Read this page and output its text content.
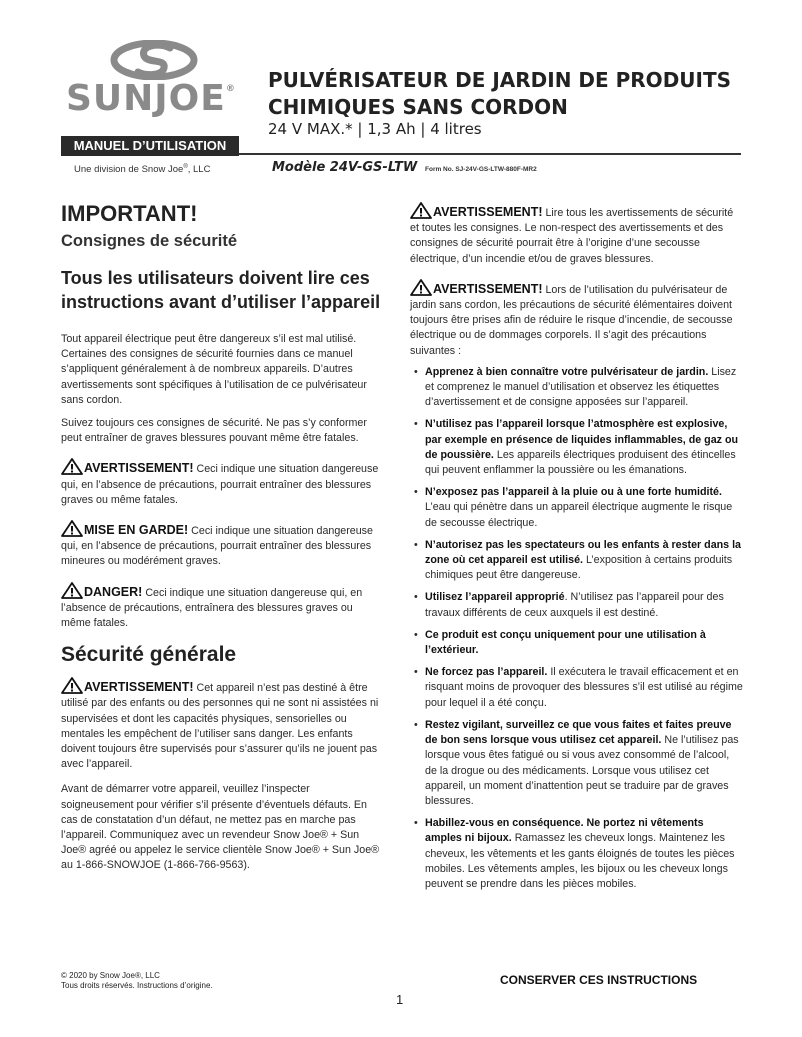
SUNJOE®
MANUEL D’UTILISATION
Une division de Snow Joe®, LLC
PULVÉRISATEUR DE JARDIN DE PRODUITS
CHIMIQUES SANS CORDON
24 V MAX.* | 1,3 Ah | 4 litres
Modèle 24V-GS-LTW Form No. SJ-24V-GS-LTW-880F-MR2
IMPORTANT!
Consignes de sécurité
Tous les utilisateurs doivent lire ces instructions avant d’utiliser l’appareil

Tout appareil électrique peut être dangereux s’il est mal utilisé. Certaines des consignes de sécurité fournies dans ce manuel s’appliquent généralement à de nombreux appareils. D’autres avertissements sont spécifiques à l’utilisation de ce pulvérisateur sans cordon.

Suivez toujours ces consignes de sécurité. Ne pas s’y conformer peut entraîner de graves blessures pouvant même être fatales.

AVERTISSEMENT! Ceci indique une situation dangereuse qui, en l’absence de précautions, pourrait entraîner des blessures graves ou même fatales.

MISE EN GARDE! Ceci indique une situation dangereuse qui, en l’absence de précautions, pourrait entraîner des blessures mineures ou modérément graves.

DANGER! Ceci indique une situation dangereuse qui, en l’absence de précautions, entraînera des blessures graves ou même fatales.

Sécurité générale

AVERTISSEMENT! Cet appareil n’est pas destiné à être utilisé par des enfants ou des personnes qui ne sont ni assistées ni supervisées et dont les capacités physiques, sensorielles ou mentales les empêchent de l’utiliser sans danger. Les enfants doivent toujours être supervisés pour s’assurer qu’ils ne jouent pas avec l’appareil.

Avant de démarrer votre appareil, veuillez l’inspecter soigneusement pour vérifier s’il présente d’éventuels défauts. En cas de constatation d’un défaut, ne mettez pas en marche pas l’appareil. Communiquez avec un revendeur Snow Joe® + Sun Joe® agréé ou appelez le service clientèle Snow Joe® + Sun Joe® au 1-866-SNOWJOE (1-866-766-9563).

AVERTISSEMENT! Lire tous les avertissements de sécurité et toutes les consignes. Le non-respect des avertissements et des consignes de sécurité pourrait être à l’origine d’une secousse électrique, d’un incendie et/ou de graves blessures.

AVERTISSEMENT! Lors de l’utilisation du pulvérisateur de jardin sans cordon, les précautions de sécurité élémentaires doivent toujours être prises afin de réduire le risque d’incendie, de secousse électrique ou de dommages corporels. Il s’agit des précautions suivantes :

• Apprenez à bien connaître votre pulvérisateur de jardin. Lisez et comprenez le manuel d’utilisation et observez les étiquettes d’avertissement et de consigne apposées sur l’appareil.
• N’utilisez pas l’appareil lorsque l’atmosphère est explosive, par exemple en présence de liquides inflammables, de gaz ou de poussière. Les appareils électriques produisent des étincelles qui peuvent enflammer la poussière ou les émanations.
• N’exposez pas l’appareil à la pluie ou à une forte humidité. L’eau qui pénètre dans un appareil électrique augmente le risque de secousse électrique.
• N’autorisez pas les spectateurs ou les enfants à rester dans la zone où cet appareil est utilisé. L’exposition à certains produits chimiques peut être dangereuse.
• Utilisez l’appareil approprié. N’utilisez pas l’appareil pour des travaux différents de ceux auxquels il est destiné.
• Ce produit est conçu uniquement pour une utilisation à l’extérieur.
• Ne forcez pas l’appareil. Il exécutera le travail efficacement et en risquant moins de provoquer des blessures s’il est utilisé au régime pour lequel il a été conçu.
• Restez vigilant, surveillez ce que vous faites et faites preuve de bon sens lorsque vous utilisez cet appareil. Ne l’utilisez pas lorsque vous êtes fatigué ou si vous avez consommé de l’alcool, de la drogue ou des médicaments. Lorsque vous utilisez cet appareil, un moment d’inattention peut se traduire par de graves blessures.
• Habillez-vous en conséquence. Ne portez ni vêtements amples ni bijoux. Ramassez les cheveux longs. Maintenez les cheveux, les vêtements et les gants éloignés de toutes les pièces mobiles. Les vêtements amples, les bijoux ou les cheveux longs peuvent se prendre dans les pièces mobiles.
© 2020 by Snow Joe®, LLC
Tous droits réservés. Instructions d’origine.	CONSERVER CES INSTRUCTIONS
1
